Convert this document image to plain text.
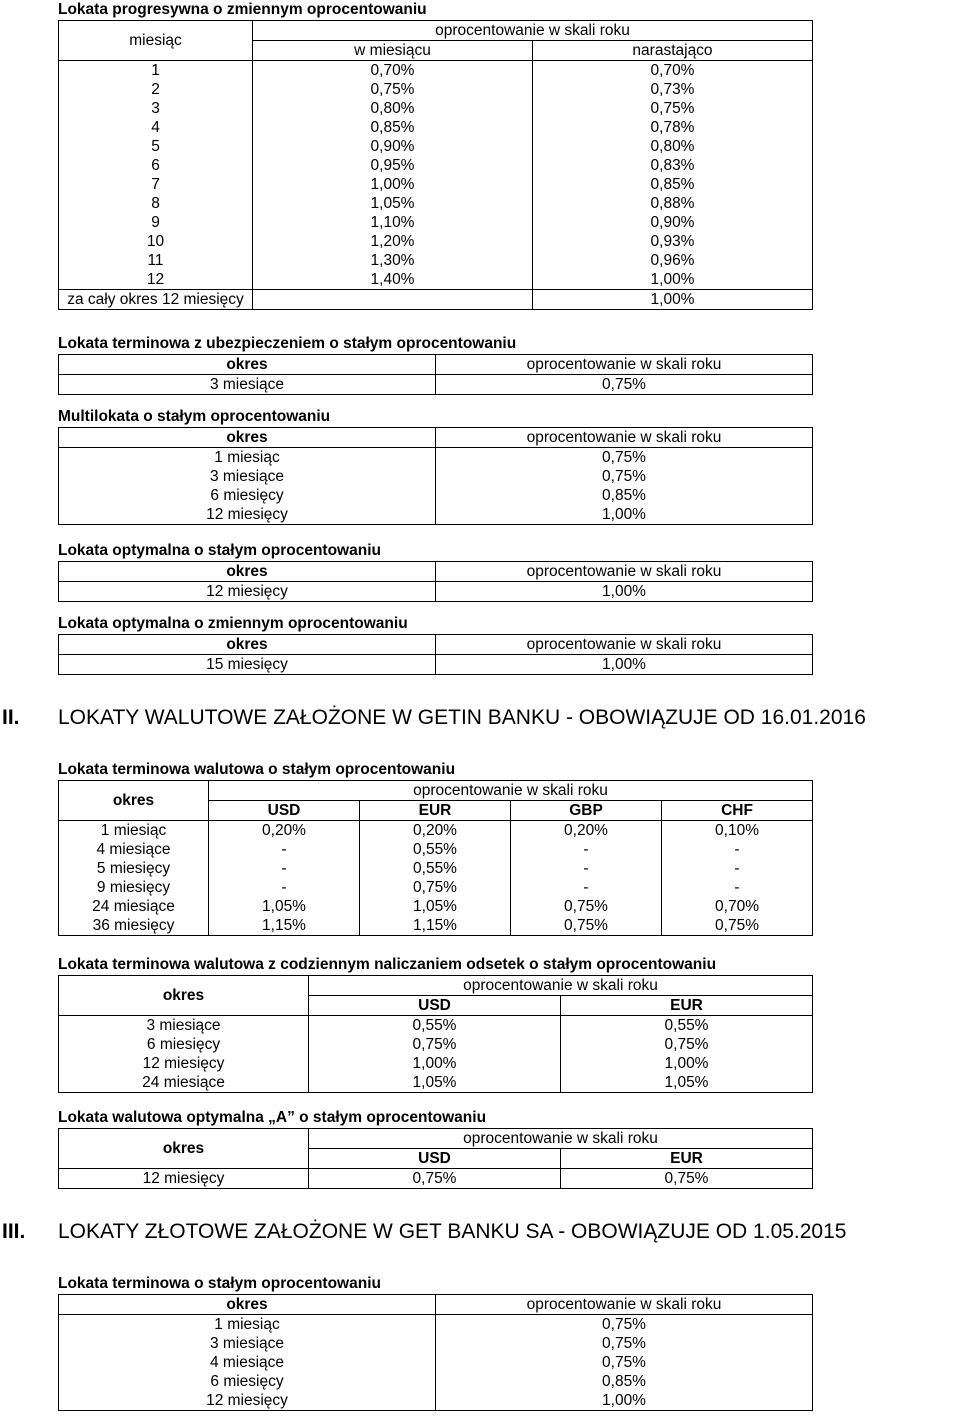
Lokata progresywna o zmiennym oprocentowaniu
miesiąc	oprocentowanie w skali roku	
	w miesiącu	narastająco
1	0,70%	0,70%
2	0,75%	0,73%
3	0,80%	0,75%
4	0,85%	0,78%
5	0,90%	0,80%
6	0,95%	0,83%
7	1,00%	0,85%
8	1,05%	0,88%
9	1,10%	0,90%
10	1,20%	0,93%
11	1,30%	0,96%
12	1,40%	1,00%
za cały okres 12 miesięcy		1,00%
Lokata terminowa z ubezpieczeniem o stałym oprocentowaniu
okres	oprocentowanie w skali roku
3 miesiące	0,75%
Multilokata o stałym oprocentowaniu
okres	oprocentowanie w skali roku
1 miesiąc	0,75%
3 miesiące	0,75%
6 miesięcy	0,85%
12 miesięcy	1,00%
Lokata optymalna o stałym oprocentowaniu
okres	oprocentowanie w skali roku
12 miesięcy	1,00%
Lokata optymalna o zmiennym oprocentowaniu
okres	oprocentowanie w skali roku
15 miesięcy	1,00%
II. LOKATY WALUTOWE ZAŁOŻONE W GETIN BANKU - OBOWIĄZUJE OD 16.01.2016
Lokata terminowa walutowa o stałym oprocentowaniu
okres	oprocentowanie w skali roku			
	USD	EUR	GBP	CHF
1 miesiąc	0,20%	0,20%	0,20%	0,10%
4 miesiące	-	0,55%	-	-
5 miesięcy	-	0,55%	-	-
9 miesięcy	-	0,75%	-	-
24 miesiące	1,05%	1,05%	0,75%	0,70%
36 miesięcy	1,15%	1,15%	0,75%	0,75%
Lokata terminowa walutowa z codziennym naliczaniem odsetek o stałym oprocentowaniu
okres	oprocentowanie w skali roku	
	USD	EUR
3 miesiące	0,55%	0,55%
6 miesięcy	0,75%	0,75%
12 miesięcy	1,00%	1,00%
24 miesiące	1,05%	1,05%
Lokata walutowa optymalna „A” o stałym oprocentowaniu
okres	oprocentowanie w skali roku	
	USD	EUR
12 miesięcy	0,75%	0,75%
III. LOKATY ZŁOTOWE ZAŁOŻONE W GET BANKU SA - OBOWIĄZUJE OD 1.05.2015
Lokata terminowa o stałym oprocentowaniu
okres	oprocentowanie w skali roku
1 miesiąc	0,75%
3 miesiące	0,75%
4 miesiące	0,75%
6 miesięcy	0,85%
12 miesięcy	1,00%
